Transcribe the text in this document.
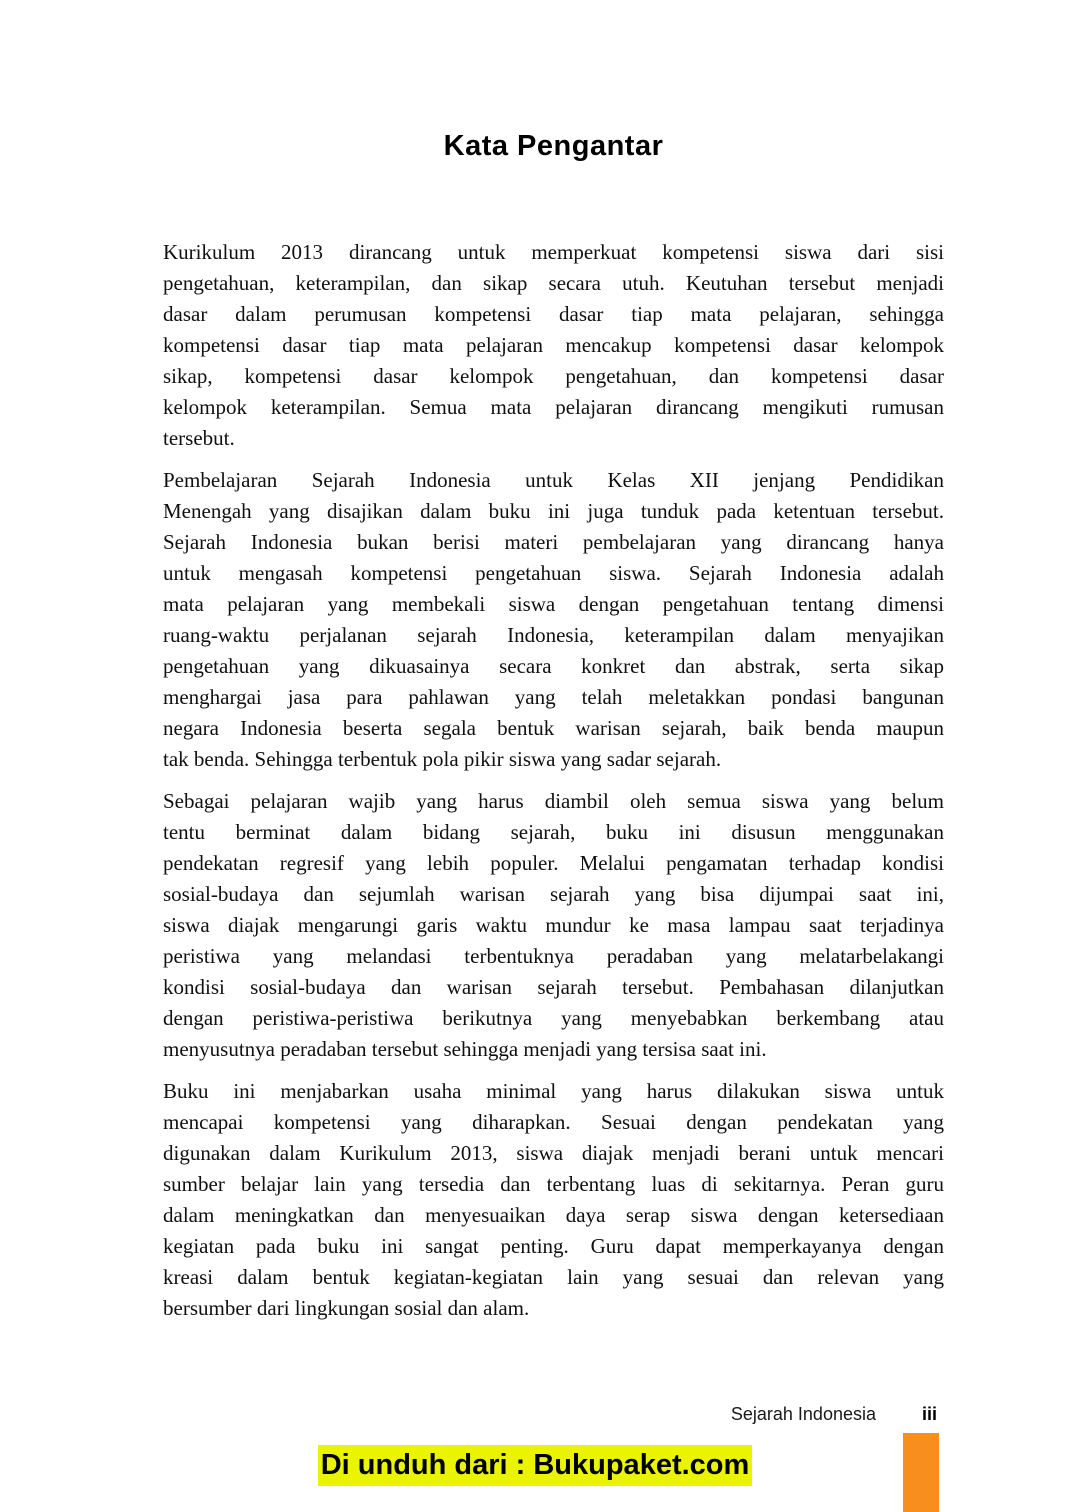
Kata Pengantar
Kurikulum 2013 dirancang untuk memperkuat kompetensi siswa dari sisi
pengetahuan, keterampilan, dan sikap secara utuh. Keutuhan tersebut menjadi
dasar dalam perumusan kompetensi dasar tiap mata pelajaran, sehingga
kompetensi dasar tiap mata pelajaran mencakup kompetensi dasar kelompok
sikap, kompetensi dasar kelompok pengetahuan, dan kompetensi dasar
kelompok keterampilan. Semua mata pelajaran dirancang mengikuti rumusan
tersebut.
Pembelajaran Sejarah Indonesia untuk Kelas XII jenjang Pendidikan
Menengah yang disajikan dalam buku ini juga tunduk pada ketentuan tersebut.
Sejarah Indonesia bukan berisi materi pembelajaran yang dirancang hanya
untuk mengasah kompetensi pengetahuan siswa. Sejarah Indonesia adalah
mata pelajaran yang membekali siswa dengan pengetahuan tentang dimensi
ruang-waktu perjalanan sejarah Indonesia, keterampilan dalam menyajikan
pengetahuan yang dikuasainya secara konkret dan abstrak, serta sikap
menghargai jasa para pahlawan yang telah meletakkan pondasi bangunan
negara Indonesia beserta segala bentuk warisan sejarah, baik benda maupun
tak benda. Sehingga terbentuk pola pikir siswa yang sadar sejarah.
Sebagai pelajaran wajib yang harus diambil oleh semua siswa yang belum
tentu berminat dalam bidang sejarah, buku ini disusun menggunakan
pendekatan regresif yang lebih populer. Melalui pengamatan terhadap kondisi
sosial-budaya dan sejumlah warisan sejarah yang bisa dijumpai saat ini,
siswa diajak mengarungi garis waktu mundur ke masa lampau saat terjadinya
peristiwa yang melandasi terbentuknya peradaban yang melatarbelakangi
kondisi sosial-budaya dan warisan sejarah tersebut. Pembahasan dilanjutkan
dengan peristiwa-peristiwa berikutnya yang menyebabkan berkembang atau
menyusutnya peradaban tersebut sehingga menjadi yang tersisa saat ini.
Buku ini menjabarkan usaha minimal yang harus dilakukan siswa untuk
mencapai kompetensi yang diharapkan. Sesuai dengan pendekatan yang
digunakan dalam Kurikulum 2013, siswa diajak menjadi berani untuk mencari
sumber belajar lain yang tersedia dan terbentang luas di sekitarnya. Peran guru
dalam meningkatkan dan menyesuaikan daya serap siswa dengan ketersediaan
kegiatan pada buku ini sangat penting. Guru dapat memperkayanya dengan
kreasi dalam bentuk kegiatan-kegiatan lain yang sesuai dan relevan yang
bersumber dari lingkungan sosial dan alam.
Sejarah Indonesia	iii
Di unduh dari : Bukupaket.com
